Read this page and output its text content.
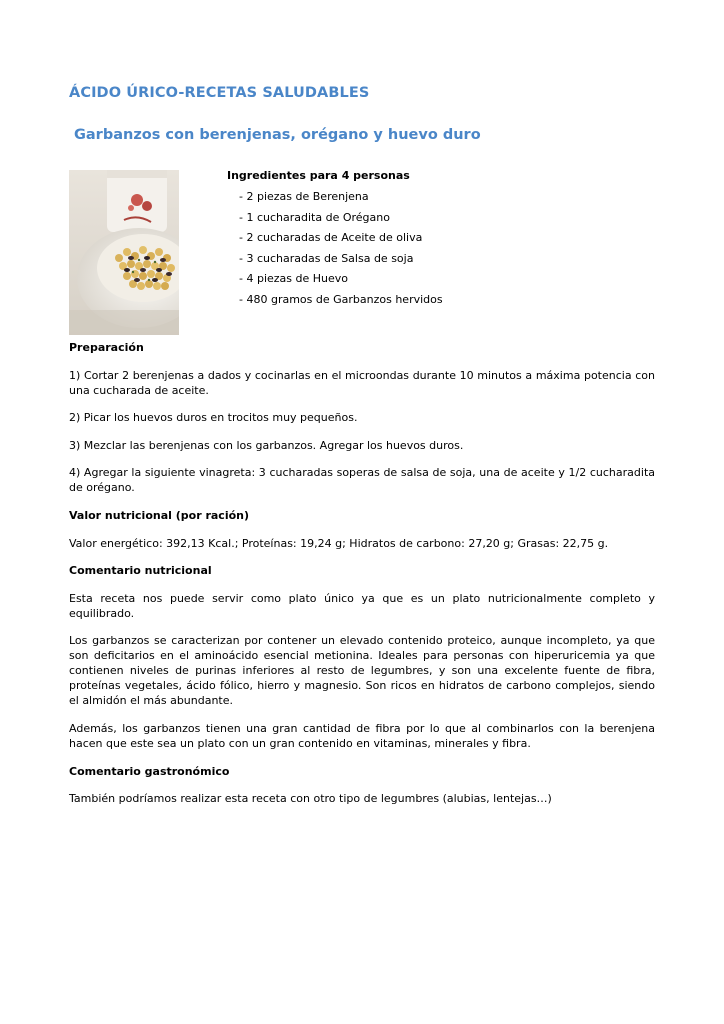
ÁCIDO ÚRICO-RECETAS SALUDABLES
Garbanzos con berenjenas, orégano y huevo duro

Ingredientes para 4 personas

- 2 piezas de Berenjena
- 1 cucharadita de Orégano
- 2 cucharadas de Aceite de oliva
- 3 cucharadas de Salsa de soja
- 4 piezas de Huevo
- 480 gramos de Garbanzos hervidos

Preparación

1) Cortar 2 berenjenas a dados y cocinarlas en el microondas durante 10 minutos a máxima potencia con una cucharada de aceite.

2) Picar los huevos duros en trocitos muy pequeños.

3) Mezclar las berenjenas con los garbanzos. Agregar los huevos duros.

4) Agregar la siguiente vinagreta: 3 cucharadas soperas de salsa de soja, una de aceite y 1/2 cucharadita de orégano.

Valor nutricional (por ración)

Valor energético: 392,13 Kcal.; Proteínas: 19,24 g; Hidratos de carbono: 27,20 g; Grasas: 22,75 g.

Comentario nutricional

Esta receta nos puede servir como plato único ya que es un plato nutricionalmente completo y equilibrado.

Los garbanzos se caracterizan por contener un elevado contenido proteico, aunque incompleto, ya que son deficitarios en el aminoácido esencial metionina. Ideales para personas con hiperuricemia ya que contienen niveles de purinas inferiores al resto de legumbres, y son una excelente fuente de fibra, proteínas vegetales, ácido fólico, hierro y magnesio. Son ricos en hidratos de carbono complejos, siendo el almidón el más abundante.

Además, los garbanzos tienen una gran cantidad de fibra por lo que al combinarlos con la berenjena hacen que este sea un plato con un gran contenido en vitaminas, minerales y fibra.

Comentario gastronómico

También podríamos realizar esta receta con otro tipo de legumbres (alubias, lentejas…)
